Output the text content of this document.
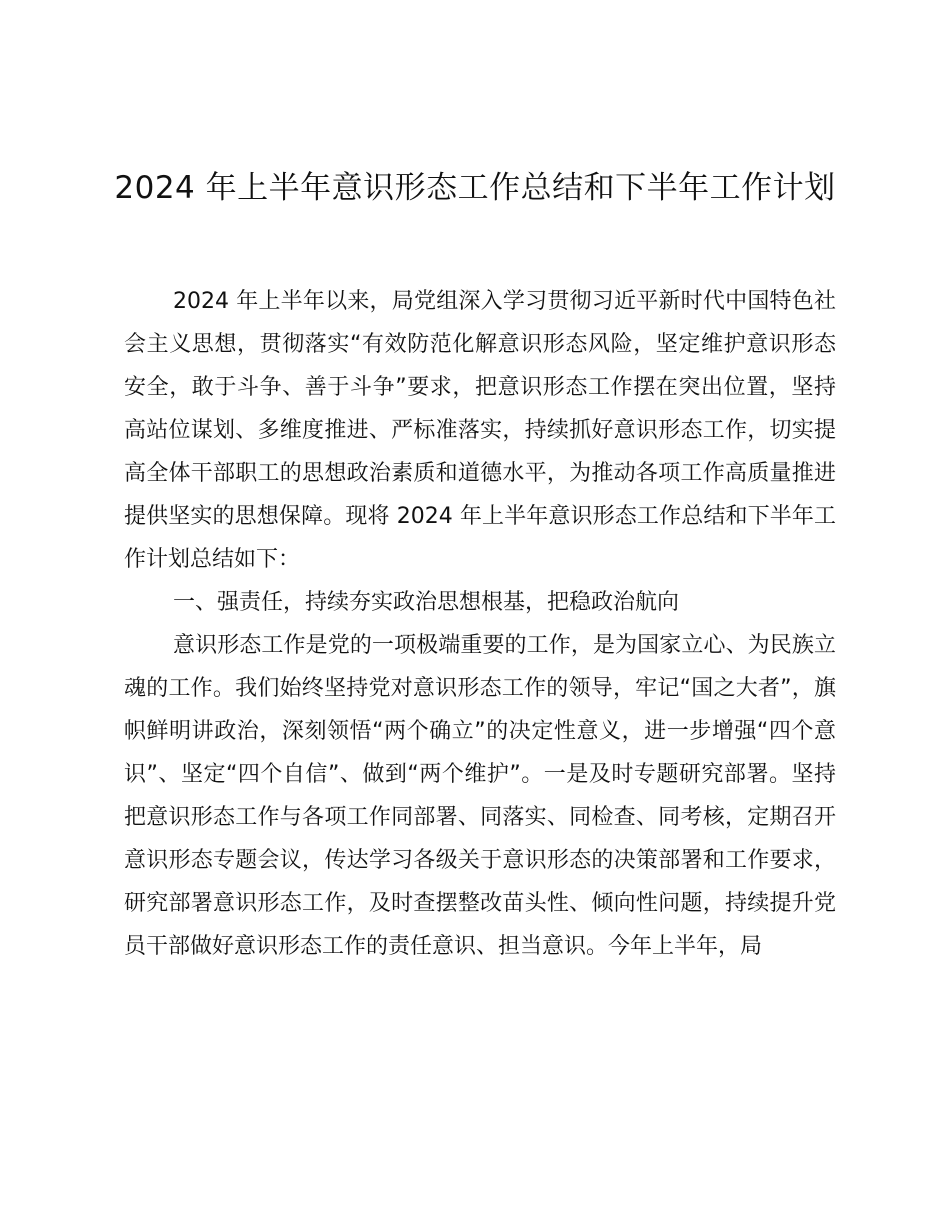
2024 年上半年意识形态工作总结和下半年工作计划

2024 年上半年以来，局党组深入学习贯彻习近平新时代中国特色社会主义思想，贯彻落实“有效防范化解意识形态风险，坚定维护意识形态安全，敢于斗争、善于斗争”要求，把意识形态工作摆在突出位置，坚持高站位谋划、多维度推进、严标准落实，持续抓好意识形态工作，切实提高全体干部职工的思想政治素质和道德水平，为推动各项工作高质量推进提供坚实的思想保障。现将 2024 年上半年意识形态工作总结和下半年工作计划总结如下：

一、强责任，持续夯实政治思想根基，把稳政治航向

意识形态工作是党的一项极端重要的工作，是为国家立心、为民族立魂的工作。我们始终坚持党对意识形态工作的领导，牢记“国之大者”，旗帜鲜明讲政治，深刻领悟“两个确立”的决定性意义，进一步增强“四个意识”、坚定“四个自信”、做到“两个维护”。一是及时专题研究部署。坚持把意识形态工作与各项工作同部署、同落实、同检查、同考核，定期召开意识形态专题会议，传达学习各级关于意识形态的决策部署和工作要求，研究部署意识形态工作，及时查摆整改苗头性、倾向性问题，持续提升党员干部做好意识形态工作的责任意识、担当意识。今年上半年，局
